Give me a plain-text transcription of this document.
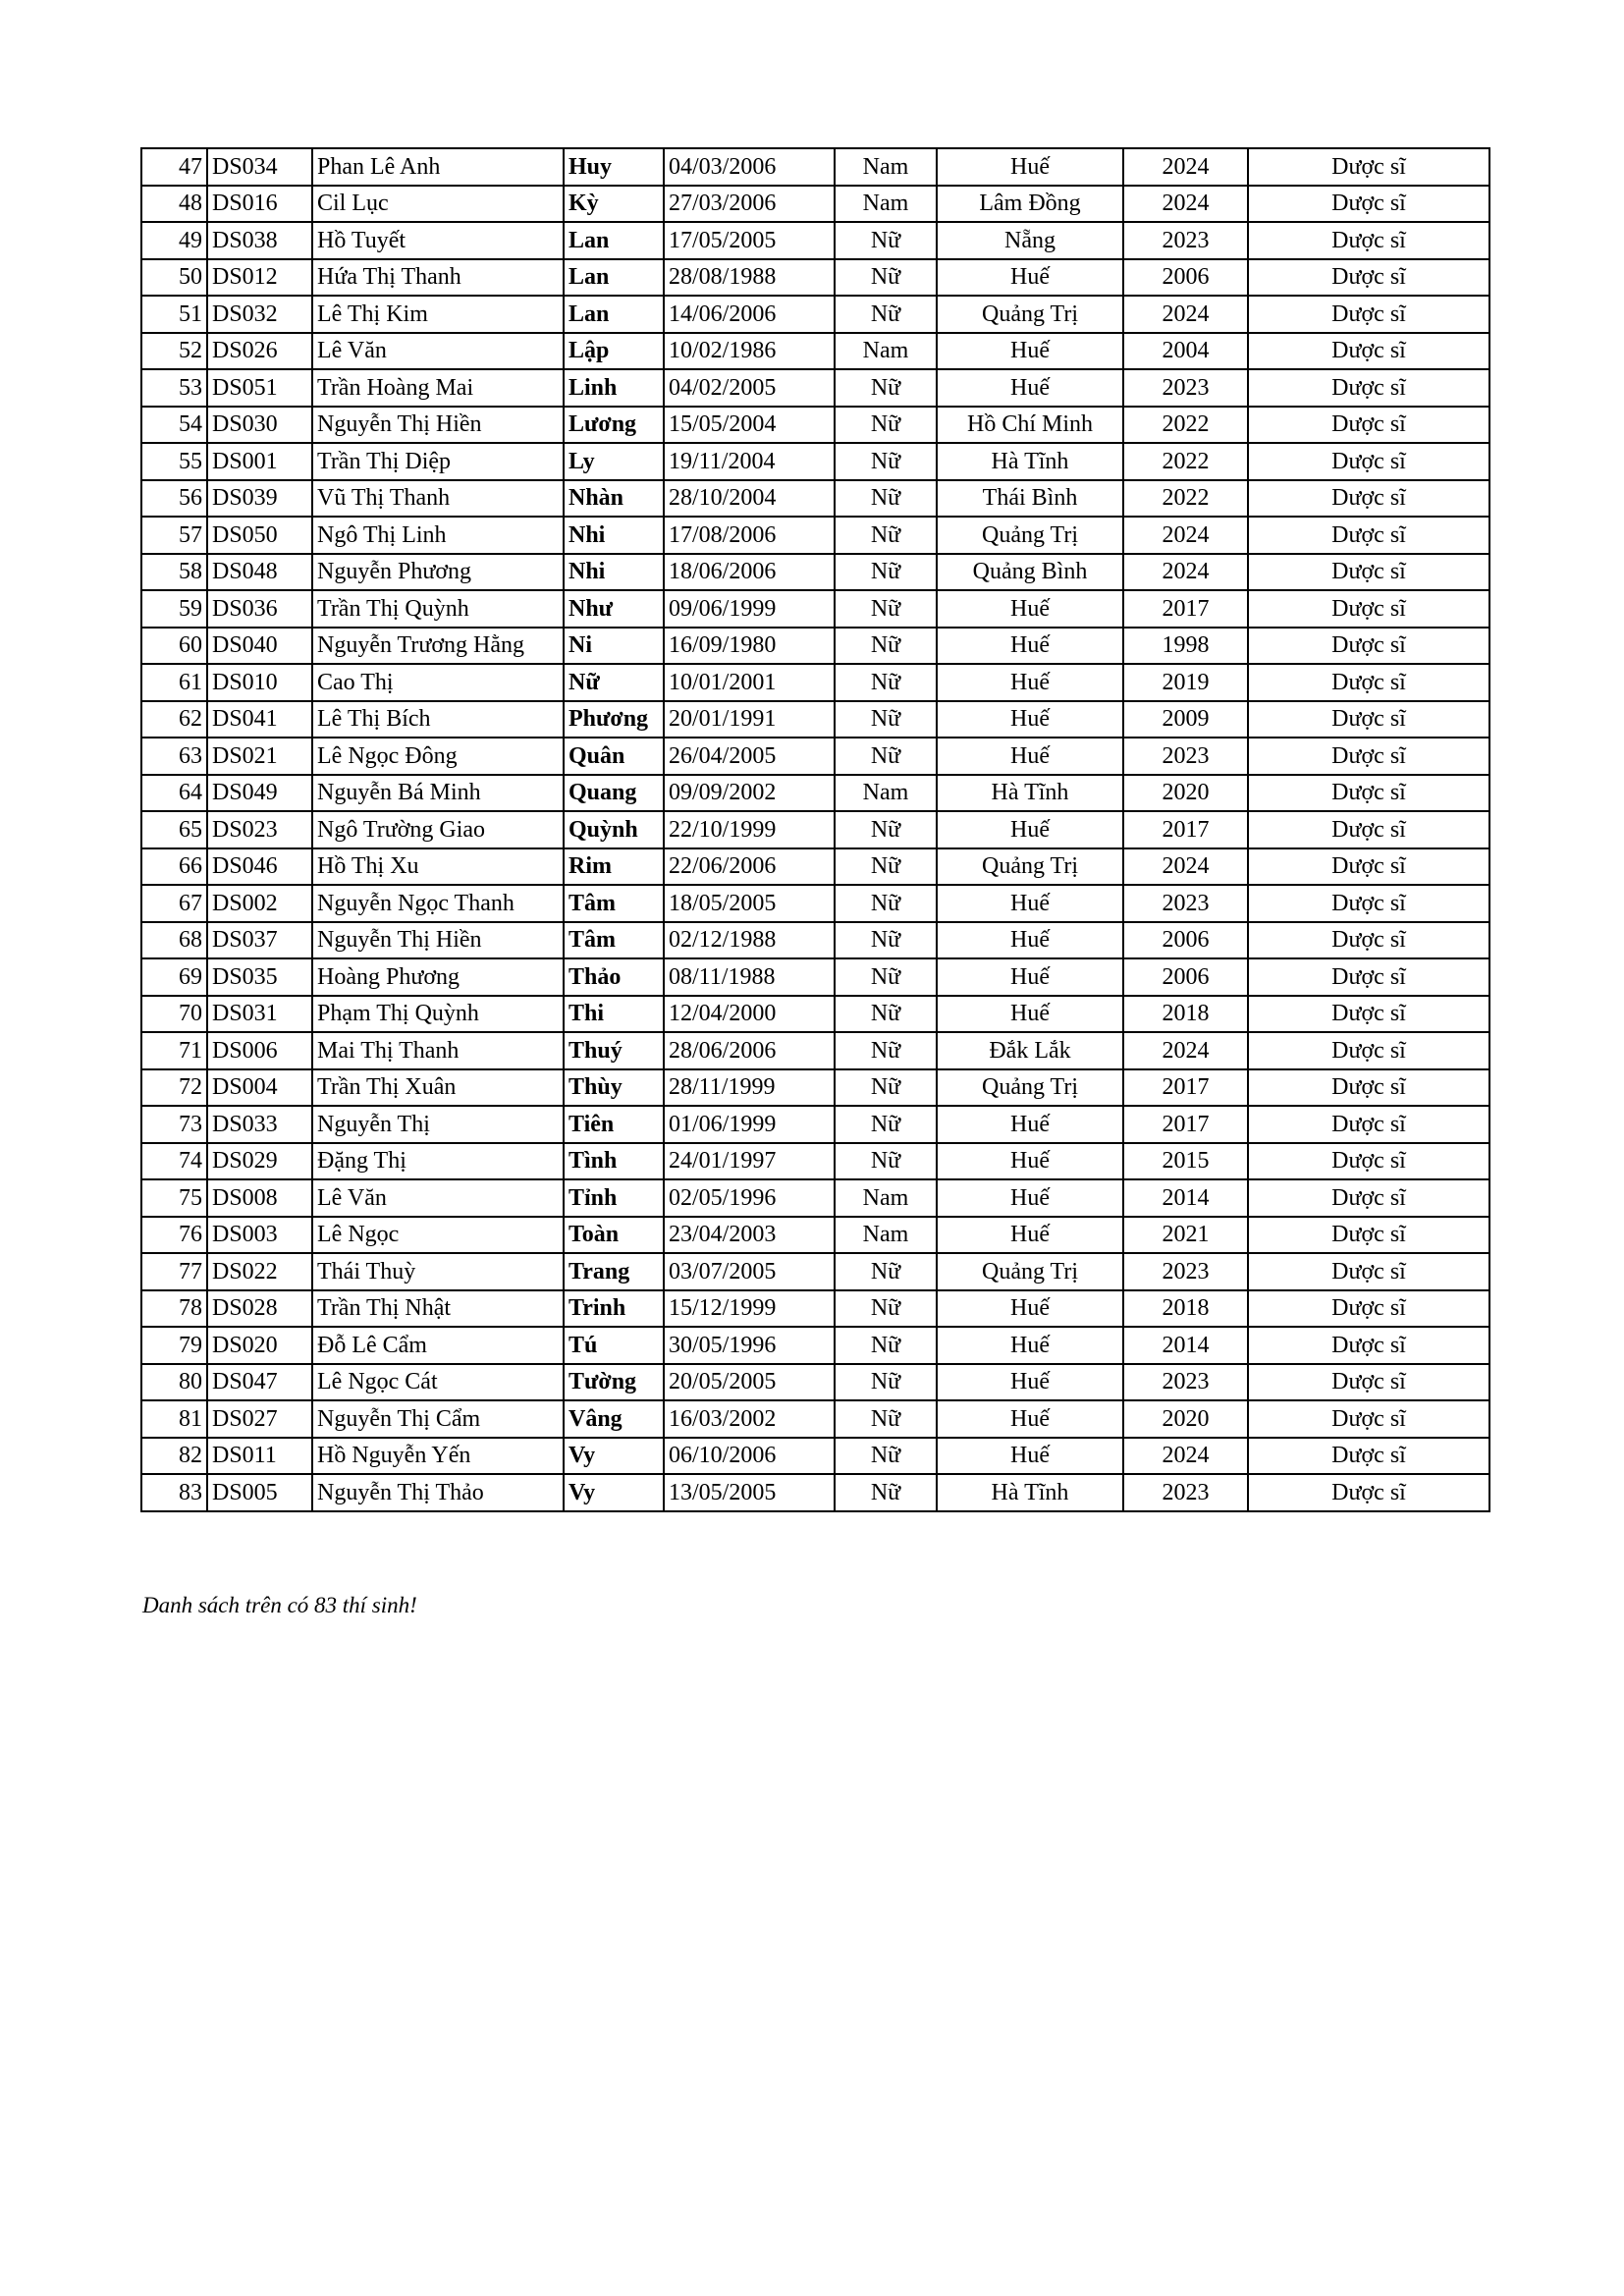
47	DS034	Phan Lê Anh	Huy	04/03/2006	Nam	Huế	2024	Dược sĩ
48	DS016	Cil Lục	Kỳ	27/03/2006	Nam	Lâm Đồng	2024	Dược sĩ
49	DS038	Hồ Tuyết	Lan	17/05/2005	Nữ	Nẵng	2023	Dược sĩ
50	DS012	Hứa Thị Thanh	Lan	28/08/1988	Nữ	Huế	2006	Dược sĩ
51	DS032	Lê Thị Kim	Lan	14/06/2006	Nữ	Quảng Trị	2024	Dược sĩ
52	DS026	Lê Văn	Lập	10/02/1986	Nam	Huế	2004	Dược sĩ
53	DS051	Trần Hoàng Mai	Linh	04/02/2005	Nữ	Huế	2023	Dược sĩ
54	DS030	Nguyễn Thị Hiền	Lương	15/05/2004	Nữ	Hồ Chí Minh	2022	Dược sĩ
55	DS001	Trần Thị Diệp	Ly	19/11/2004	Nữ	Hà Tĩnh	2022	Dược sĩ
56	DS039	Vũ Thị Thanh	Nhàn	28/10/2004	Nữ	Thái Bình	2022	Dược sĩ
57	DS050	Ngô Thị Linh	Nhi	17/08/2006	Nữ	Quảng Trị	2024	Dược sĩ
58	DS048	Nguyễn Phương	Nhi	18/06/2006	Nữ	Quảng Bình	2024	Dược sĩ
59	DS036	Trần Thị Quỳnh	Như	09/06/1999	Nữ	Huế	2017	Dược sĩ
60	DS040	Nguyễn Trương Hằng	Ni	16/09/1980	Nữ	Huế	1998	Dược sĩ
61	DS010	Cao Thị	Nữ	10/01/2001	Nữ	Huế	2019	Dược sĩ
62	DS041	Lê Thị Bích	Phương	20/01/1991	Nữ	Huế	2009	Dược sĩ
63	DS021	Lê Ngọc Đông	Quân	26/04/2005	Nữ	Huế	2023	Dược sĩ
64	DS049	Nguyễn Bá Minh	Quang	09/09/2002	Nam	Hà Tĩnh	2020	Dược sĩ
65	DS023	Ngô Trường Giao	Quỳnh	22/10/1999	Nữ	Huế	2017	Dược sĩ
66	DS046	Hồ Thị Xu	Rim	22/06/2006	Nữ	Quảng Trị	2024	Dược sĩ
67	DS002	Nguyễn Ngọc Thanh	Tâm	18/05/2005	Nữ	Huế	2023	Dược sĩ
68	DS037	Nguyễn Thị Hiền	Tâm	02/12/1988	Nữ	Huế	2006	Dược sĩ
69	DS035	Hoàng Phương	Thảo	08/11/1988	Nữ	Huế	2006	Dược sĩ
70	DS031	Phạm Thị Quỳnh	Thi	12/04/2000	Nữ	Huế	2018	Dược sĩ
71	DS006	Mai Thị Thanh	Thuý	28/06/2006	Nữ	Đắk Lắk	2024	Dược sĩ
72	DS004	Trần Thị Xuân	Thùy	28/11/1999	Nữ	Quảng Trị	2017	Dược sĩ
73	DS033	Nguyễn Thị	Tiên	01/06/1999	Nữ	Huế	2017	Dược sĩ
74	DS029	Đặng Thị	Tình	24/01/1997	Nữ	Huế	2015	Dược sĩ
75	DS008	Lê Văn	Tỉnh	02/05/1996	Nam	Huế	2014	Dược sĩ
76	DS003	Lê Ngọc	Toàn	23/04/2003	Nam	Huế	2021	Dược sĩ
77	DS022	Thái Thuỳ	Trang	03/07/2005	Nữ	Quảng Trị	2023	Dược sĩ
78	DS028	Trần Thị Nhật	Trinh	15/12/1999	Nữ	Huế	2018	Dược sĩ
79	DS020	Đỗ Lê Cẩm	Tú	30/05/1996	Nữ	Huế	2014	Dược sĩ
80	DS047	Lê Ngọc Cát	Tường	20/05/2005	Nữ	Huế	2023	Dược sĩ
81	DS027	Nguyễn Thị Cẩm	Vâng	16/03/2002	Nữ	Huế	2020	Dược sĩ
82	DS011	Hồ Nguyễn Yến	Vy	06/10/2006	Nữ	Huế	2024	Dược sĩ
83	DS005	Nguyễn Thị Thảo	Vy	13/05/2005	Nữ	Hà Tĩnh	2023	Dược sĩ
Danh sách trên có 83 thí sinh!
